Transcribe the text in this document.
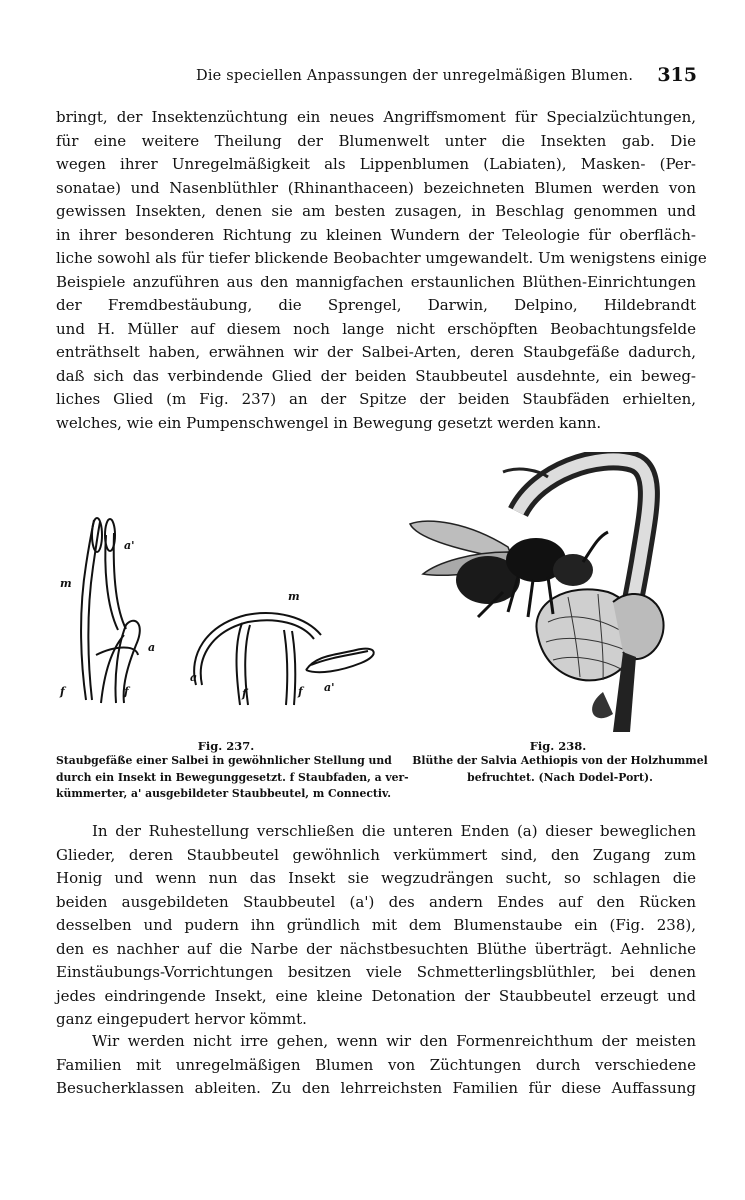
Die speciellen Anpassungen der unregelmäßigen Blumen. 315
bringt, der Insektenzüchtung ein neues Angriffsmoment für Specialzüchtungen,
für eine weitere Theilung der Blumenwelt unter die Insekten gab. Die
wegen ihrer Unregelmäßigkeit als Lippenblumen (Labiaten), Masken- (Per-
sonatae) und Nasenblüthler (Rhinanthaceen) bezeichneten Blumen werden von
gewissen Insekten, denen sie am besten zusagen, in Beschlag genommen und
in ihrer besonderen Richtung zu kleinen Wundern der Teleologie für oberfläch-
liche sowohl als für tiefer blickende Beobachter umgewandelt. Um wenigstens einige
Beispiele anzuführen aus den mannigfachen erstaunlichen Blüthen-Einrichtungen
der Fremdbestäubung, die Sprengel, Darwin, Delpino, Hildebrandt
und H. Müller auf diesem noch lange nicht erschöpften Beobachtungsfelde
enträthselt haben, erwähnen wir der Salbei-Arten, deren Staubgefäße dadurch,
daß sich das verbindende Glied der beiden Staubbeutel ausdehnte, ein beweg-
liches Glied (m Fig. 237) an der Spitze der beiden Staubfäden erhielten,
welches, wie ein Pumpenschwengel in Bewegung gesetzt werden kann.
a'
m
a
f	f
m
a
f	f a'
Fig. 237.	Fig. 238.
Staubgefäße einer Salbei in gewöhnlicher Stellung und
durch ein Insekt in Bewegunggesetzt. f Staubfaden, a ver-
kümmerter, a' ausgebildeter Staubbeutel, m Connectiv.
Blüthe der Salvia Aethiopis von der Holzhummel
befruchtet. (Nach Dodel-Port).
In der Ruhestellung verschließen die unteren Enden (a) dieser beweglichen
Glieder, deren Staubbeutel gewöhnlich verkümmert sind, den Zugang zum
Honig und wenn nun das Insekt sie wegzudrängen sucht, so schlagen die
beiden ausgebildeten Staubbeutel (a') des andern Endes auf den Rücken
desselben und pudern ihn gründlich mit dem Blumenstaube ein (Fig. 238),
den es nachher auf die Narbe der nächstbesuchten Blüthe überträgt. Aehnliche
Einstäubungs-Vorrichtungen besitzen viele Schmetterlingsblüthler, bei denen
jedes eindringende Insekt, eine kleine Detonation der Staubbeutel erzeugt und
ganz eingepudert hervor kömmt.
Wir werden nicht irre gehen, wenn wir den Formenreichthum der meisten
Familien mit unregelmäßigen Blumen von Züchtungen durch verschiedene
Besucherklassen ableiten. Zu den lehrreichsten Familien für diese Auffassung
